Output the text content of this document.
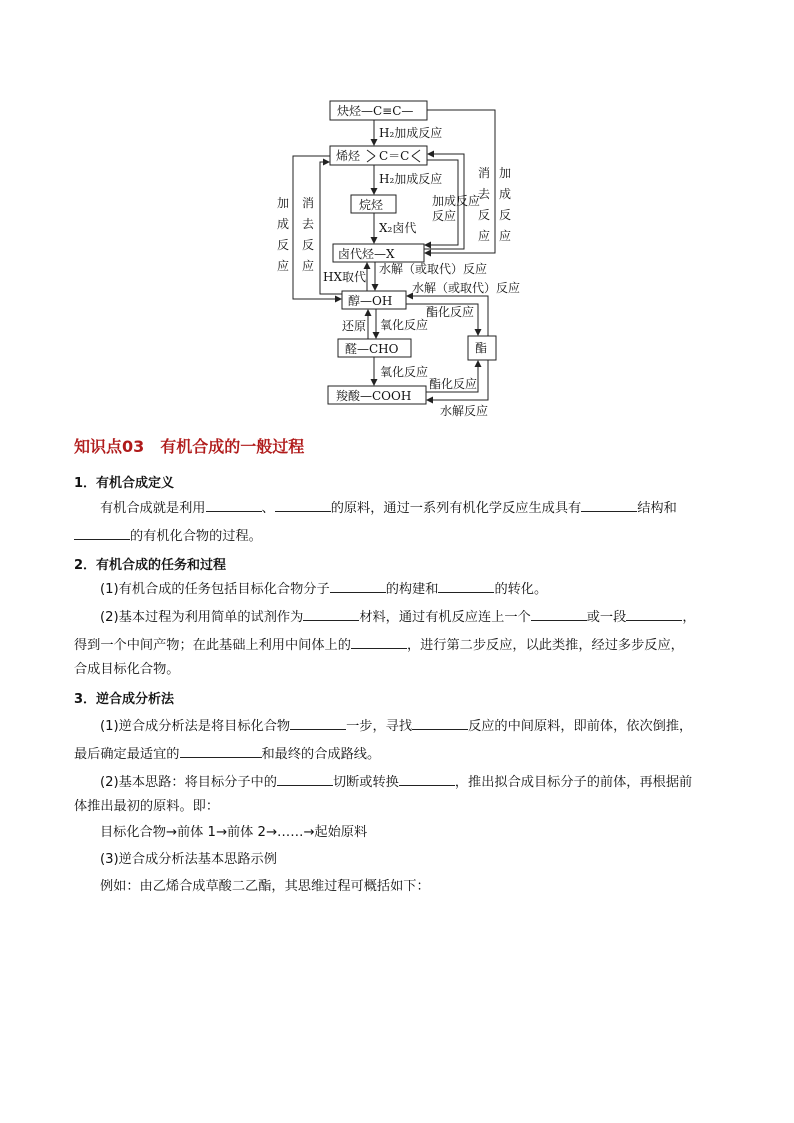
炔烃—C≡C—
烯烃 C＝C
烷烃
卤代烃—X
醇—OH
醛—CHO
羧酸—COOH
酯
H₂加成反应
H₂加成反应
X₂卤代
HX取代
水解（或取代）反应
还原 氧化反应
氧化反应
加
成
反
应
消
去
反
应
加成反应
反应
加
成
反
应
消
去
反
应
水解（或取代）反应
酯化反应
酯化反应
水解反应
知识点03　有机合成的一般过程
1．有机合成定义
有机合成就是利用	、	的原料，通过一系列有机化学反应生成具有	结构和
的有机化合物的过程。
2．有机合成的任务和过程
(1)有机合成的任务包括目标化合物分子	的构建和	的转化。
(2)基本过程为利用简单的试剂作为	材料，通过有机反应连上一个	或一段	，
得到一个中间产物；在此基础上利用中间体上的	，进行第二步反应，以此类推，经过多步反应，
合成目标化合物。
3．逆合成分析法
(1)逆合成分析法是将目标化合物	一步，寻找	反应的中间原料，即前体，依次倒推，
最后确定最适宜的	和最终的合成路线。
(2)基本思路：将目标分子中的	切断或转换	，推出拟合成目标分子的前体，再根据前
体推出最初的原料。即：
目标化合物→前体 1→前体 2→……→起始原料
(3)逆合成分析法基本思路示例
例如：由乙烯合成草酸二乙酯，其思维过程可概括如下：
